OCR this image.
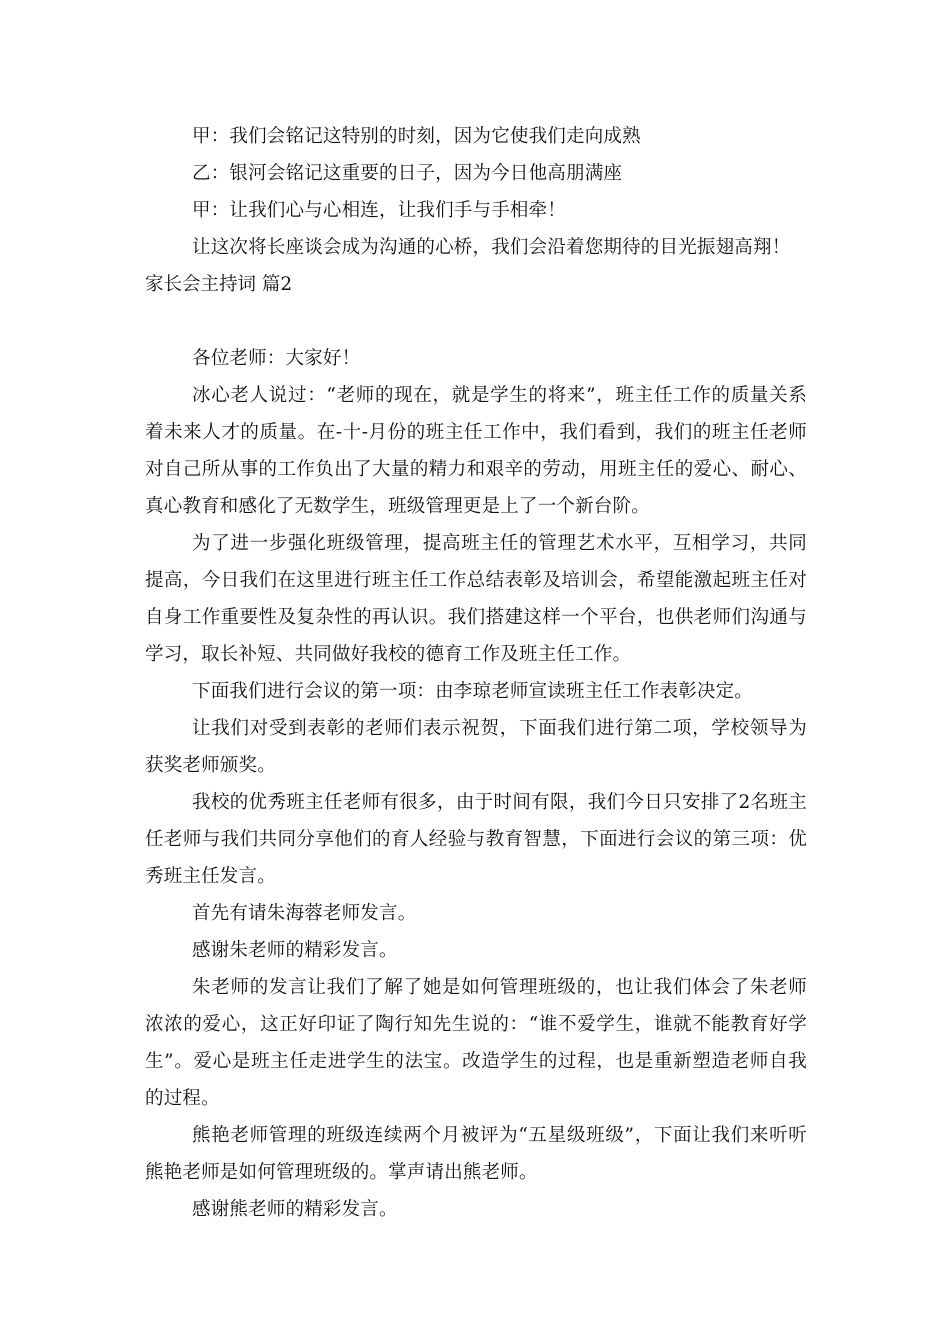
甲：我们会铭记这特别的时刻，因为它使我们走向成熟
乙：银河会铭记这重要的日子，因为今日他高朋满座
甲：让我们心与心相连，让我们手与手相牵！
让这次将长座谈会成为沟通的心桥，我们会沿着您期待的目光振翅高翔！
家长会主持词 篇2
各位老师：大家好！
冰心老人说过：“老师的现在，就是学生的将来”，班主任工作的质量关系着未来人才的质量。在-十-月份的班主任工作中，我们看到，我们的班主任老师对自己所从事的工作负出了大量的精力和艰辛的劳动，用班主任的爱心、耐心、真心教育和感化了无数学生，班级管理更是上了一个新台阶。
为了进一步强化班级管理，提高班主任的管理艺术水平，互相学习，共同提高，今日我们在这里进行班主任工作总结表彰及培训会，希望能激起班主任对自身工作重要性及复杂性的再认识。我们搭建这样一个平台，也供老师们沟通与学习，取长补短、共同做好我校的德育工作及班主任工作。
下面我们进行会议的第一项：由李琼老师宣读班主任工作表彰决定。
让我们对受到表彰的老师们表示祝贺，下面我们进行第二项，学校领导为获奖老师颁奖。
我校的优秀班主任老师有很多，由于时间有限，我们今日只安排了2名班主任老师与我们共同分享他们的育人经验与教育智慧，下面进行会议的第三项：优秀班主任发言。
首先有请朱海蓉老师发言。
感谢朱老师的精彩发言。
朱老师的发言让我们了解了她是如何管理班级的，也让我们体会了朱老师浓浓的爱心，这正好印证了陶行知先生说的：“谁不爱学生，谁就不能教育好学生”。爱心是班主任走进学生的法宝。改造学生的过程，也是重新塑造老师自我的过程。
熊艳老师管理的班级连续两个月被评为“五星级班级”，下面让我们来听听熊艳老师是如何管理班级的。掌声请出熊老师。
感谢熊老师的精彩发言。
